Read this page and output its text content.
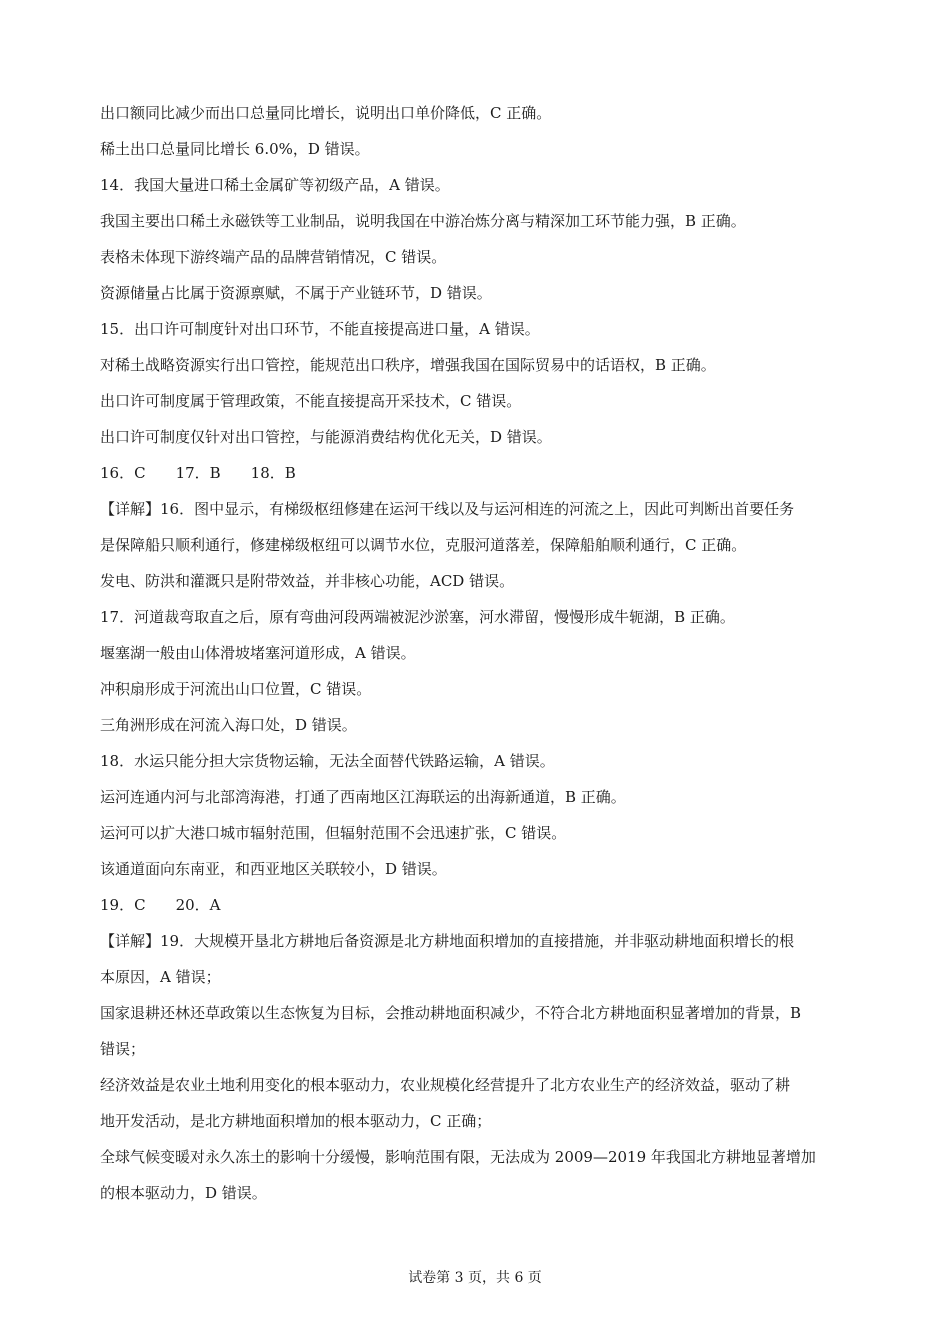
出口额同比减少而出口总量同比增长，说明出口单价降低，C 正确。
稀土出口总量同比增长 6.0%，D 错误。
14．我国大量进口稀土金属矿等初级产品，A 错误。
我国主要出口稀土永磁铁等工业制品，说明我国在中游冶炼分离与精深加工环节能力强，B 正确。
表格未体现下游终端产品的品牌营销情况，C 错误。
资源储量占比属于资源禀赋，不属于产业链环节，D 错误。
15．出口许可制度针对出口环节，不能直接提高进口量，A 错误。
对稀土战略资源实行出口管控，能规范出口秩序，增强我国在国际贸易中的话语权，B 正确。
出口许可制度属于管理政策，不能直接提高开采技术，C 错误。
出口许可制度仅针对出口管控，与能源消费结构优化无关，D 错误。
16．C　　17．B　　18．B
【详解】16．图中显示，有梯级枢纽修建在运河干线以及与运河相连的河流之上，因此可判断出首要任务
是保障船只顺利通行，修建梯级枢纽可以调节水位，克服河道落差，保障船舶顺利通行，C 正确。
发电、防洪和灌溉只是附带效益，并非核心功能，ACD 错误。
17．河道裁弯取直之后，原有弯曲河段两端被泥沙淤塞，河水滞留，慢慢形成牛轭湖，B 正确。
堰塞湖一般由山体滑坡堵塞河道形成，A 错误。
冲积扇形成于河流出山口位置，C 错误。
三角洲形成在河流入海口处，D 错误。
18．水运只能分担大宗货物运输，无法全面替代铁路运输，A 错误。
运河连通内河与北部湾海港，打通了西南地区江海联运的出海新通道，B 正确。
运河可以扩大港口城市辐射范围，但辐射范围不会迅速扩张，C 错误。
该通道面向东南亚，和西亚地区关联较小，D 错误。
19．C　　20．A
【详解】19．大规模开垦北方耕地后备资源是北方耕地面积增加的直接措施，并非驱动耕地面积增长的根
本原因，A 错误；
国家退耕还林还草政策以生态恢复为目标，会推动耕地面积减少，不符合北方耕地面积显著增加的背景，B
错误；
经济效益是农业土地利用变化的根本驱动力，农业规模化经营提升了北方农业生产的经济效益，驱动了耕
地开发活动，是北方耕地面积增加的根本驱动力，C 正确；
全球气候变暖对永久冻土的影响十分缓慢，影响范围有限，无法成为 2009—2019 年我国北方耕地显著增加
的根本驱动力，D 错误。
试卷第 3 页，共 6 页
